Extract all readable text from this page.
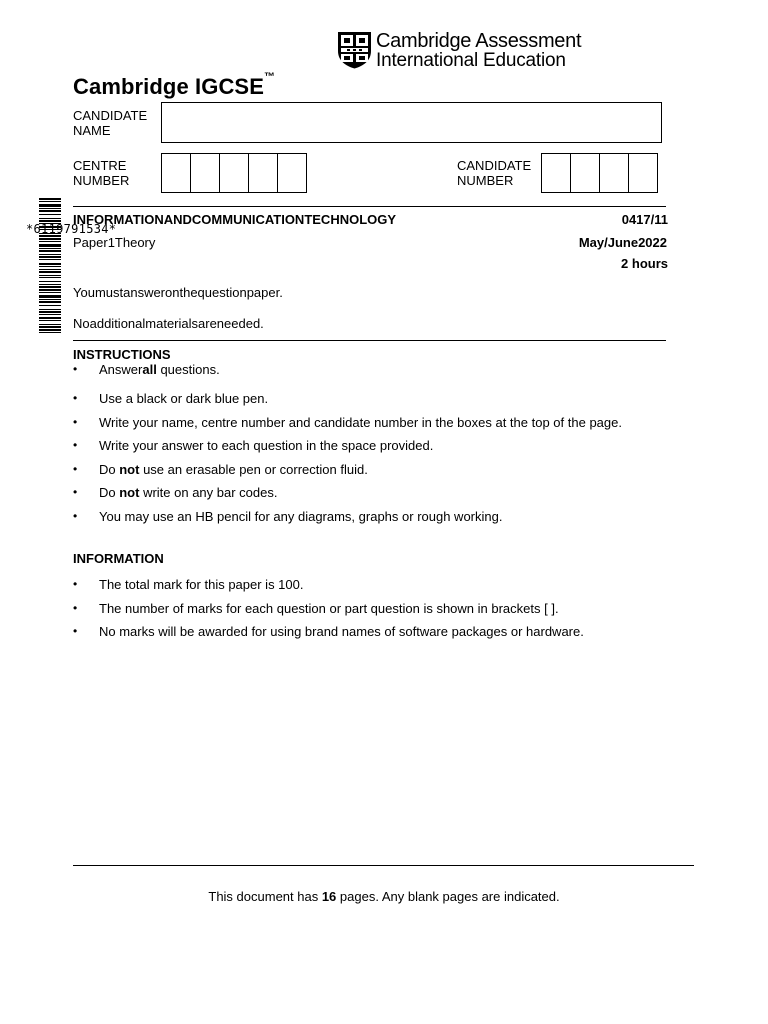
Cambridge Assessment
International Education
Cambridge IGCSE™
CANDIDATE
NAME
CENTRE
NUMBER
CANDIDATE
NUMBER
*6119791534*
INFORMATIONANDCOMMUNICATIONTECHNOLOGY	0417/11
Paper1Theory	May/June2022
2 hours
Youmustansweronthequestionpaper.
Noadditionalmaterialsareneeded.
INSTRUCTIONS
•	Answerall questions.
•	Use a black or dark blue pen.
•	Write your name, centre number and candidate number in the boxes at the top of the page.
•	Write your answer to each question in the space provided.
•	Do not use an erasable pen or correction fluid.
•	Do not write on any bar codes.
•	You may use an HB pencil for any diagrams, graphs or rough working.
INFORMATION
•	The total mark for this paper is 100.
•	The number of marks for each question or part question is shown in brackets [ ].
•	No marks will be awarded for using brand names of software packages or hardware.
This document has 16 pages. Any blank pages are indicated.
